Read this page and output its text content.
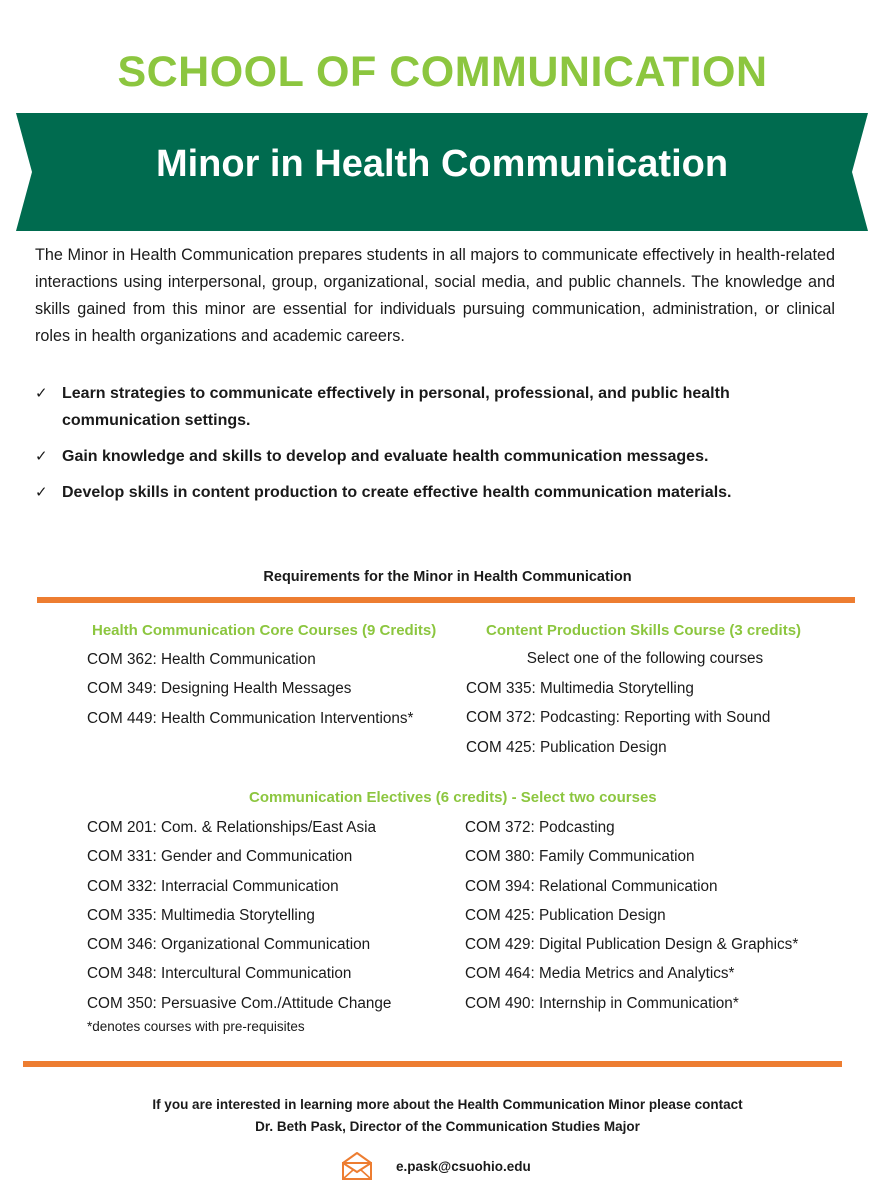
SCHOOL OF COMMUNICATION
Minor in Health Communication

The Minor in Health Communication prepares students in all majors to communicate effectively in health-related interactions using interpersonal, group, organizational, social media, and public channels. The knowledge and skills gained from this minor are essential for individuals pursuing communication, administration, or clinical roles in health organizations and academic careers.

✓ Learn strategies to communicate effectively in personal, professional, and public health communication settings.
✓ Gain knowledge and skills to develop and evaluate health communication messages.
✓ Develop skills in content production to create effective health communication materials.
Requirements for the Minor in Health Communication
Health Communication Core Courses (9 Credits)
COM 362: Health Communication
COM 349: Designing Health Messages
COM 449: Health Communication Interventions*
Content Production Skills Course (3 credits)
Select one of the following courses
COM 335: Multimedia Storytelling
COM 372: Podcasting: Reporting with Sound
COM 425: Publication Design
Communication Electives (6 credits) - Select two courses
COM 201: Com. & Relationships/East Asia
COM 331: Gender and Communication
COM 332: Interracial Communication
COM 335: Multimedia Storytelling
COM 346: Organizational Communication
COM 348: Intercultural Communication
COM 350: Persuasive Com./Attitude Change
COM 372: Podcasting
COM 380: Family Communication
COM 394: Relational Communication
COM 425: Publication Design
COM 429: Digital Publication Design & Graphics*
COM 464: Media Metrics and Analytics*
COM 490: Internship in Communication*
*denotes courses with pre-requisites
If you are interested in learning more about the Health Communication Minor please contact
Dr. Beth Pask, Director of the Communication Studies Major
e.pask@csuohio.edu
